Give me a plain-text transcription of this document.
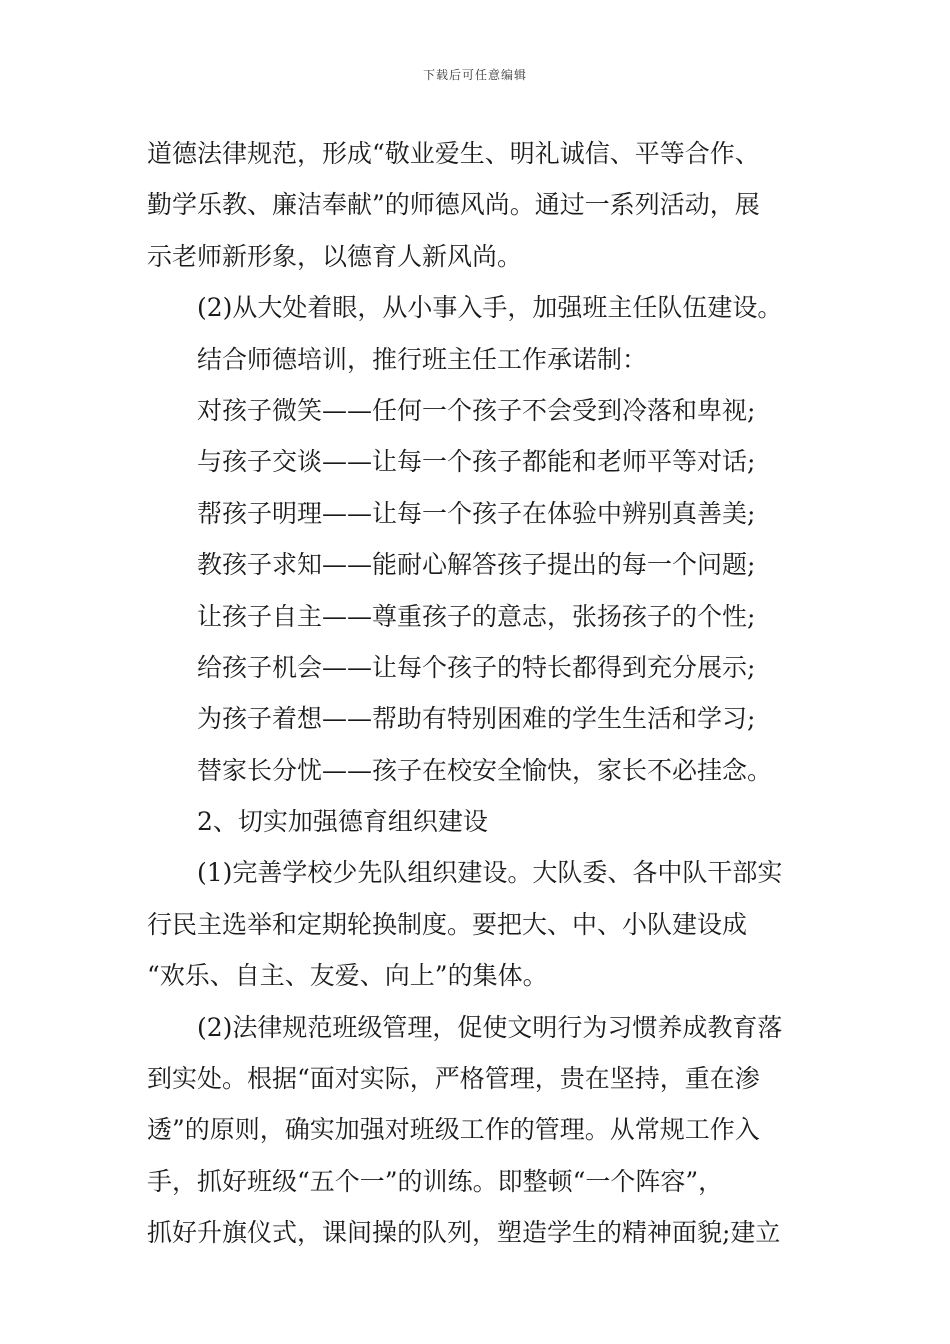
下载后可任意编辑
道德法律规范，形成“敬业爱生、明礼诚信、平等合作、
勤学乐教、廉洁奉献”的师德风尚。通过一系列活动，展
示老师新形象，以德育人新风尚。
(2)从大处着眼，从小事入手，加强班主任队伍建设。
结合师德培训，推行班主任工作承诺制：
对孩子微笑——任何一个孩子不会受到冷落和卑视;
与孩子交谈——让每一个孩子都能和老师平等对话;
帮孩子明理——让每一个孩子在体验中辨别真善美;
教孩子求知——能耐心解答孩子提出的每一个问题;
让孩子自主——尊重孩子的意志，张扬孩子的个性;
给孩子机会——让每个孩子的特长都得到充分展示;
为孩子着想——帮助有特别困难的学生生活和学习;
替家长分忧——孩子在校安全愉快，家长不必挂念。
2、切实加强德育组织建设
(1)完善学校少先队组织建设。大队委、各中队干部实
行民主选举和定期轮换制度。要把大、中、小队建设成
“欢乐、自主、友爱、向上”的集体。
(2)法律规范班级管理，促使文明行为习惯养成教育落
到实处。根据“面对实际，严格管理，贵在坚持，重在渗
透”的原则，确实加强对班级工作的管理。从常规工作入
手，抓好班级“五个一”的训练。即整顿“一个阵容”，
抓好升旗仪式，课间操的队列，塑造学生的精神面貌;建立
